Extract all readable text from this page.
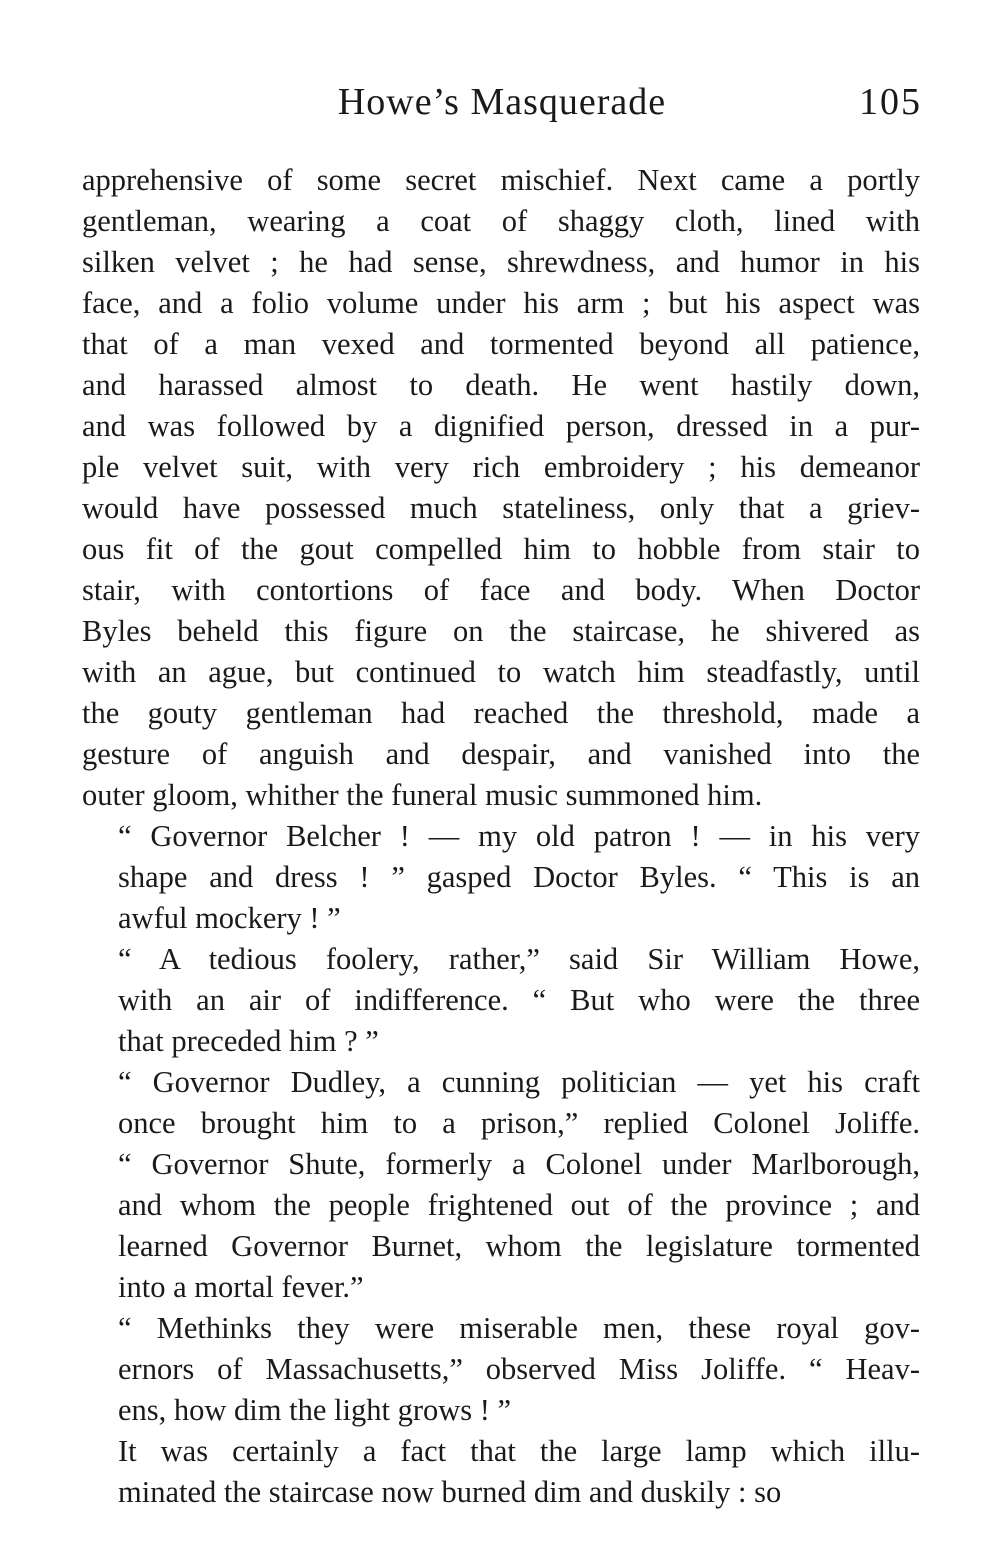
Howe’s Masquerade	105
apprehensive of some secret mischief. Next came a portly
gentleman, wearing a coat of shaggy cloth, lined with
silken velvet ; he had sense, shrewdness, and humor in his
face, and a folio volume under his arm ; but his aspect was
that of a man vexed and tormented beyond all patience,
and harassed almost to death. He went hastily down,
and was followed by a dignified person, dressed in a pur-
ple velvet suit, with very rich embroidery ; his demeanor
would have possessed much stateliness, only that a griev-
ous fit of the gout compelled him to hobble from stair to
stair, with contortions of face and body. When Doctor
Byles beheld this figure on the staircase, he shivered as
with an ague, but continued to watch him steadfastly, until
the gouty gentleman had reached the threshold, made a
gesture of anguish and despair, and vanished into the
outer gloom, whither the funeral music summoned him.
“ Governor Belcher ! — my old patron ! — in his very
shape and dress ! ” gasped Doctor Byles. “ This is an
awful mockery ! ”
“ A tedious foolery, rather,” said Sir William Howe,
with an air of indifference. “ But who were the three
that preceded him ? ”
“ Governor Dudley, a cunning politician — yet his craft
once brought him to a prison,” replied Colonel Joliffe.
“ Governor Shute, formerly a Colonel under Marlborough,
and whom the people frightened out of the province ; and
learned Governor Burnet, whom the legislature tormented
into a mortal fever.”
“ Methinks they were miserable men, these royal gov-
ernors of Massachusetts,” observed Miss Joliffe. “ Heav-
ens, how dim the light grows ! ”
It was certainly a fact that the large lamp which illu-
minated the staircase now burned dim and duskily : so
